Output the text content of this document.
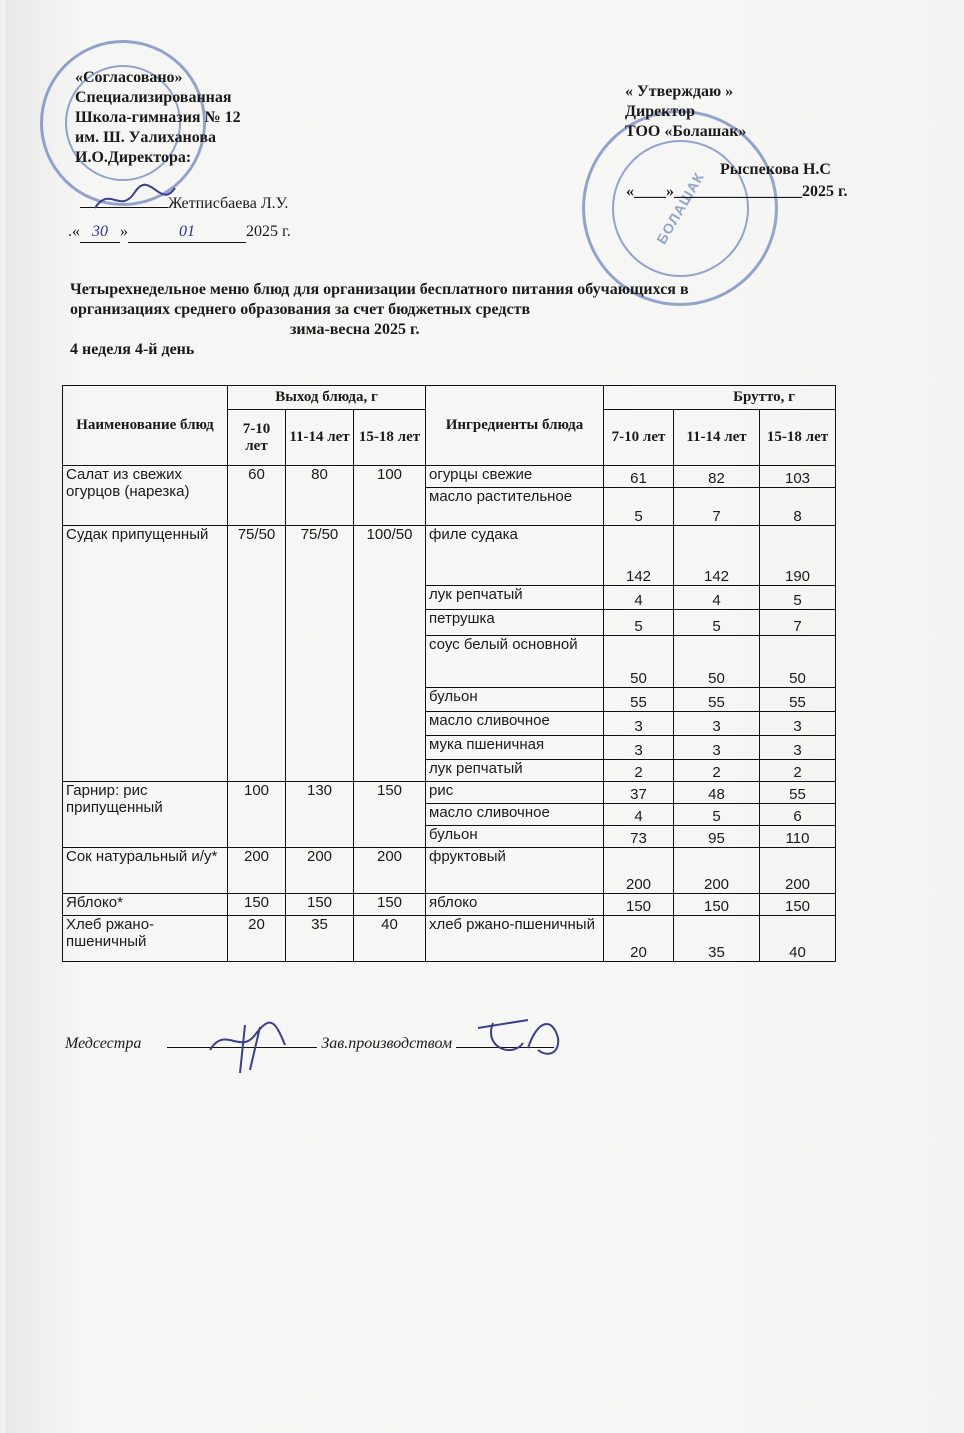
БОЛАШАК
«Согласовано»
Специализированная
Школа-гимназия № 12
им. Ш. Уалиханова
И.О.Директора:
Жетписбаева Л.У.
.« 30 »	01	2025 г.
« Утверждаю »
Директор
ТОО «Болашак»
Рыспекова Н.С
«____»________________2025 г.
Четырехнедельное меню блюд для организации бесплатного питания обучающихся в
организациях среднего образования за счет бюджетных средств
зима-весна 2025 г.
4 неделя 4-й день
Наименование блюд	Выход блюда, г			Ингредиенты блюда	Брутто, г		
	7-10 лет	11-14 лет	15-18 лет		7-10 лет	11-14 лет	15-18 лет
Салат из свежих огурцов (нарезка)	60	80	100	огурцы свежие	61	82	103
				масло растительное	5	7	8
Судак припущенный	75/50	75/50	100/50	филе судака	142	142	190
				лук репчатый	4	4	5
				петрушка	5	5	7
				соус белый основной	50	50	50
				бульон	55	55	55
				масло сливочное	3	3	3
				мука пшеничная	3	3	3
				лук репчатый	2	2	2
Гарнир: рис припущенный	100	130	150	рис	37	48	55
				масло сливочное	4	5	6
				бульон	73	95	110
Сок натуральный и/у*	200	200	200	фруктовый	200	200	200
Яблоко*	150	150	150	яблоко	150	150	150
Хлеб ржано-пшеничный	20	35	40	хлеб ржано-пшеничный	20	35	40
Медсестра	Зав.производством
